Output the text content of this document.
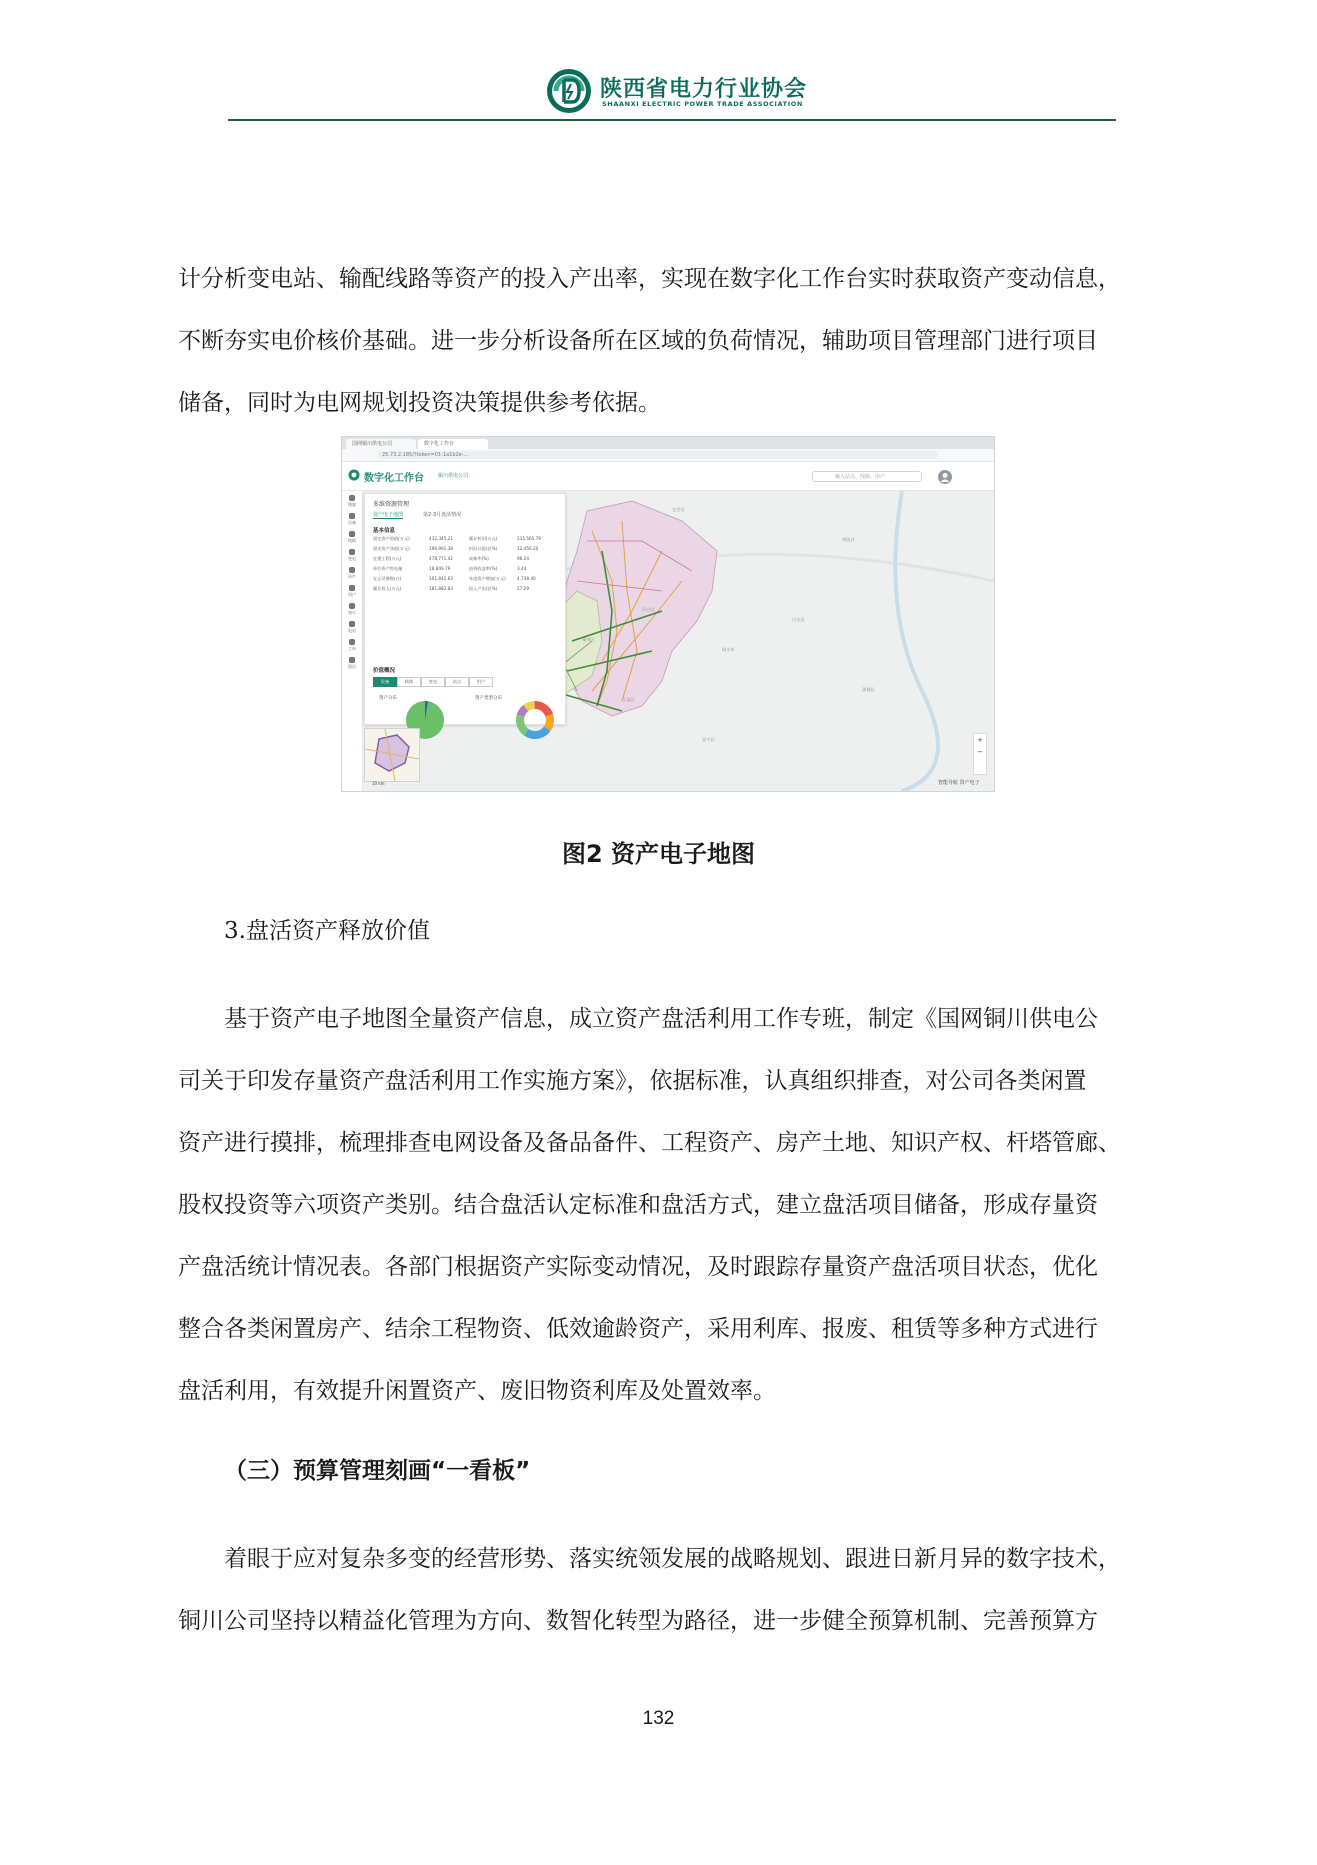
陕西省电力行业协会
SHAANXI ELECTRIC POWER TRADE ASSOCIATION
计分析变电站、输配线路等资产的投入产出率，实现在数字化工作台实时获取资产变动信息，
不断夯实电价核价基础。进一步分析设备所在区域的负荷情况，辅助项目管理部门进行项目
储备，同时为电网规划投资决策提供参考依据。
国网铜川供电公司	数字化工作台
25.73.2.185/?token=01-1a1b2e-...
数字化工作台	铜川供电公司	输入站点、线路、用户
宜君县
耀州区
印台区
王益区
铜川市
富平县
黄陵县
白水县
蒲城县
搜索
设备
线路
变电
资产
用户
统计
电站
工单
图层
多维资源管理
资产电子地图	第2-3月盘活情况
基本信息
固定资产原值(万元)	432,345.21	累计折旧(万元)	235,565.79
固定资产净值(万元)	196,991.38	折旧计提比(%)	12,456.20
在建工程(万元)	478,771.42	成新率(%)	96.24
单位资产售电量	18,849.79	投资收益率(%)	3.44
在运设备数(台)	101,842.63	年度资产增加(万元)	4,738.40
累计投入(万元)	181,882.83	投入产出比(%)	27.29
价值概况
设备	线路	变电	站点	用户
资产分布	资产类型分布
+
−
智能导航 资产电子
10 km
图2 资产电子地图
3.盘活资产释放价值
基于资产电子地图全量资产信息，成立资产盘活利用工作专班，制定《国网铜川供电公
司关于印发存量资产盘活利用工作实施方案》，依据标准，认真组织排查，对公司各类闲置
资产进行摸排，梳理排查电网设备及备品备件、工程资产、房产土地、知识产权、杆塔管廊、
股权投资等六项资产类别。结合盘活认定标准和盘活方式，建立盘活项目储备，形成存量资
产盘活统计情况表。各部门根据资产实际变动情况，及时跟踪存量资产盘活项目状态，优化
整合各类闲置房产、结余工程物资、低效逾龄资产，采用利库、报废、租赁等多种方式进行
盘活利用，有效提升闲置资产、废旧物资利库及处置效率。
（三）预算管理刻画“一看板”
着眼于应对复杂多变的经营形势、落实统领发展的战略规划、跟进日新月异的数字技术，
铜川公司坚持以精益化管理为方向、数智化转型为路径，进一步健全预算机制、完善预算方
132
